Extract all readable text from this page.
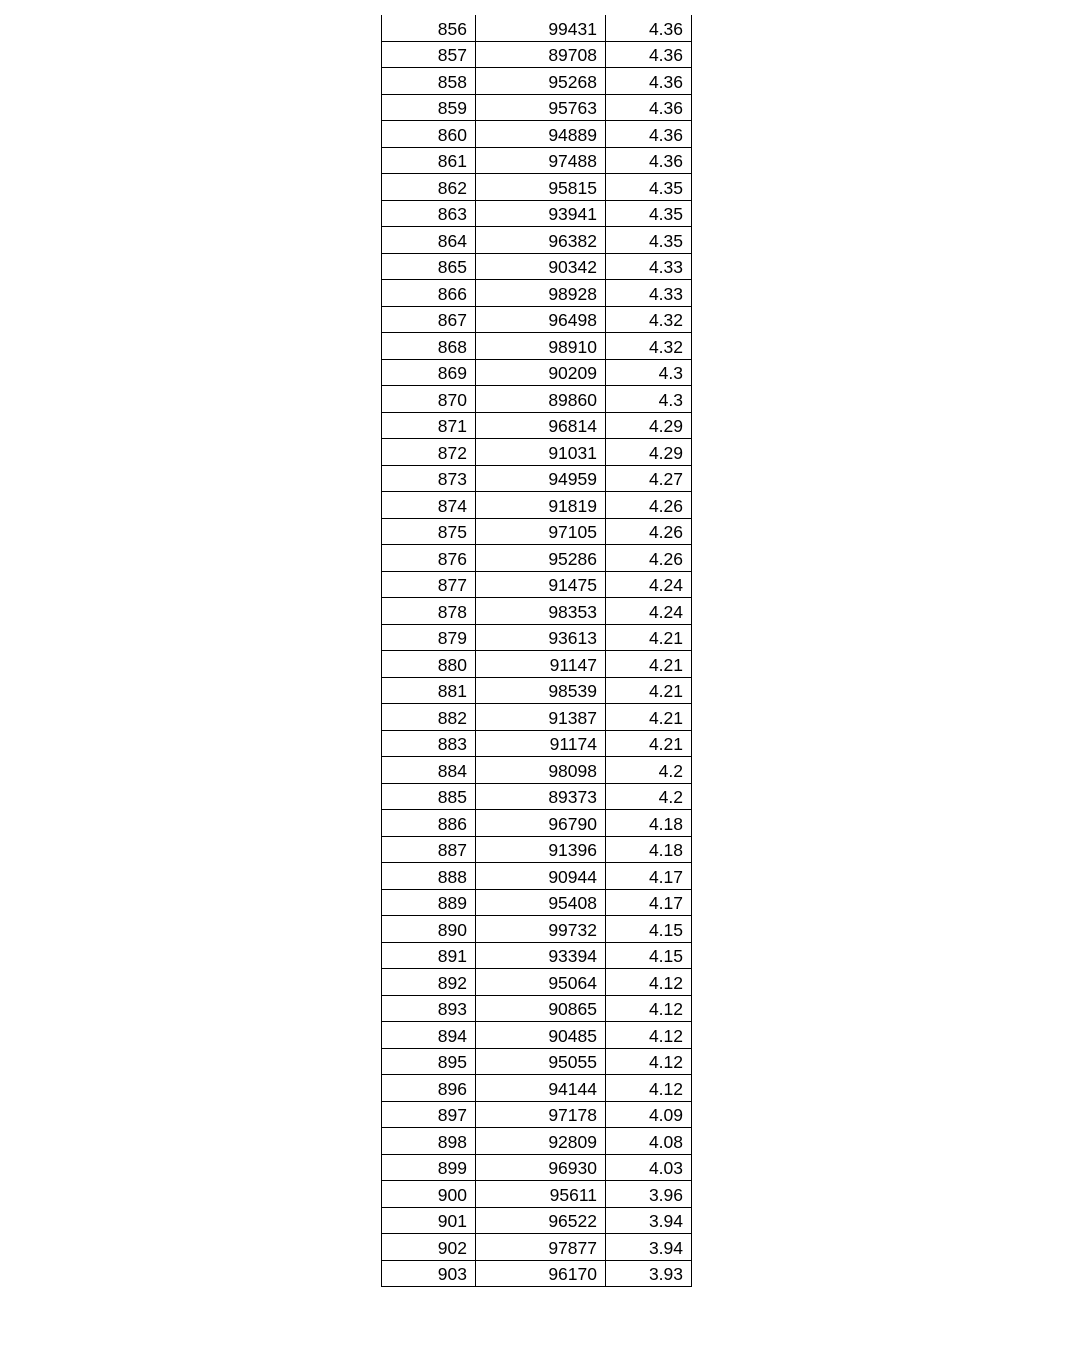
856	99431	4.36
857	89708	4.36
858	95268	4.36
859	95763	4.36
860	94889	4.36
861	97488	4.36
862	95815	4.35
863	93941	4.35
864	96382	4.35
865	90342	4.33
866	98928	4.33
867	96498	4.32
868	98910	4.32
869	90209	4.3
870	89860	4.3
871	96814	4.29
872	91031	4.29
873	94959	4.27
874	91819	4.26
875	97105	4.26
876	95286	4.26
877	91475	4.24
878	98353	4.24
879	93613	4.21
880	91147	4.21
881	98539	4.21
882	91387	4.21
883	91174	4.21
884	98098	4.2
885	89373	4.2
886	96790	4.18
887	91396	4.18
888	90944	4.17
889	95408	4.17
890	99732	4.15
891	93394	4.15
892	95064	4.12
893	90865	4.12
894	90485	4.12
895	95055	4.12
896	94144	4.12
897	97178	4.09
898	92809	4.08
899	96930	4.03
900	95611	3.96
901	96522	3.94
902	97877	3.94
903	96170	3.93
